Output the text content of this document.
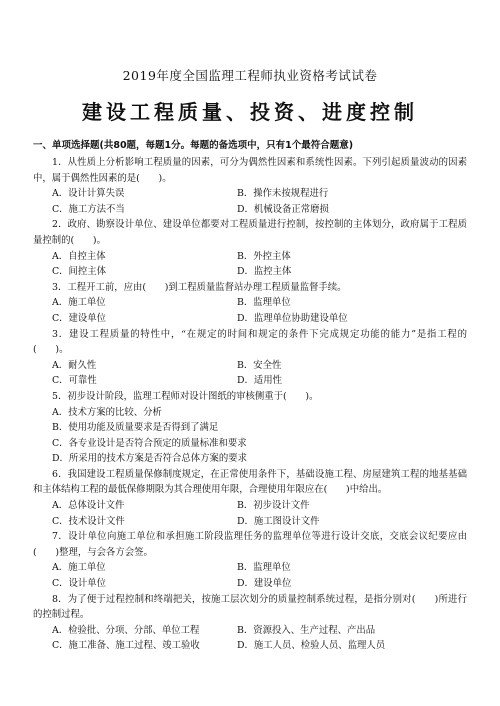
2019年度全国监理工程师执业资格考试试卷
建设工程质量、投资、进度控制
一、单项选择题(共80题，每题1分。每题的备选项中，只有1个最符合题意)
1．从性质上分析影响工程质量的因素，可分为偶然性因素和系统性因素。下列引起质量波动的因素中，属于偶然性因素的是(　　)。
A．设计计算失误	B．操作未按规程进行
C．施工方法不当	D．机械设备正常磨损
2．政府、勘察设计单位、建设单位都要对工程质量进行控制，按控制的主体划分，政府属于工程质量控制的(　　)。
A．自控主体	B．外控主体
C．间控主体	D．监控主体
3．工程开工前，应由(　　)到工程质量监督站办理工程质量监督手续。
A．施工单位	B．监理单位
C．建设单位	D．监理单位协助建设单位
3．建设工程质量的特性中，“在规定的时间和规定的条件下完成规定功能的能力”是指工程的(　　)。
A．耐久性	B．安全性
C．可靠性	D．适用性
5．初步设计阶段，监理工程师对设计图纸的审核侧重于(　　)。
A．技术方案的比较、分析
B．使用功能及质量要求是否得到了满足
C．各专业设计是否符合预定的质量标准和要求
D．所采用的技术方案是否符合总体方案的要求
6．我国建设工程质量保修制度规定，在正常使用条件下，基础设施工程、房屋建筑工程的地基基础和主体结构工程的最低保修期限为其合理使用年限，合理使用年限应在(　　)中给出。
A．总体设计文件	B．初步设计文件
C．技术设计文件	D．施工图设计文件
7．设计单位向施工单位和承担施工阶段监理任务的监理单位等进行设计交底，交底会议纪要应由(　　)整理，与会各方会签。
A．施工单位	B．监理单位
C．设计单位	D．建设单位
8．为了便于过程控制和终端把关，按施工层次划分的质量控制系统过程，是指分别对(　　)所进行的控制过程。
A．检验批、分项、分部、单位工程	B．资源投入、生产过程、产出品
C．施工准备、施工过程、竣工验收	D．施工人员、检验人员、监理人员
